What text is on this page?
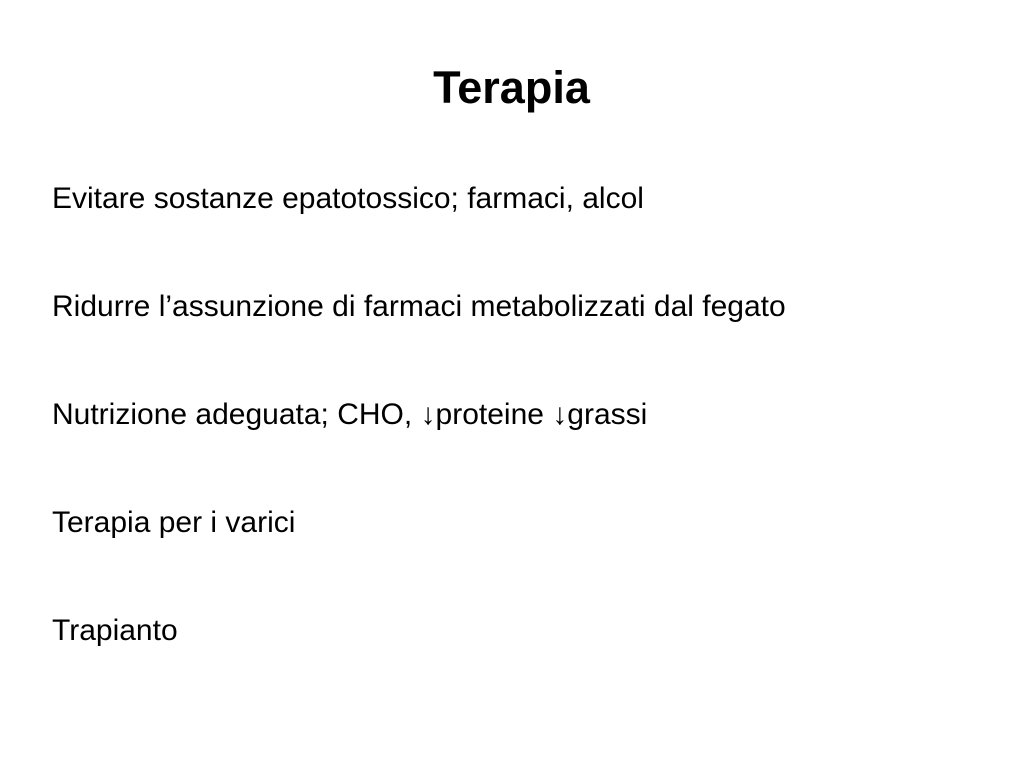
Terapia
Evitare sostanze epatotossico; farmaci, alcol
Ridurre l’assunzione di farmaci metabolizzati dal fegato
Nutrizione adeguata; CHO, ↓proteine ↓grassi
Terapia per i varici
Trapianto
